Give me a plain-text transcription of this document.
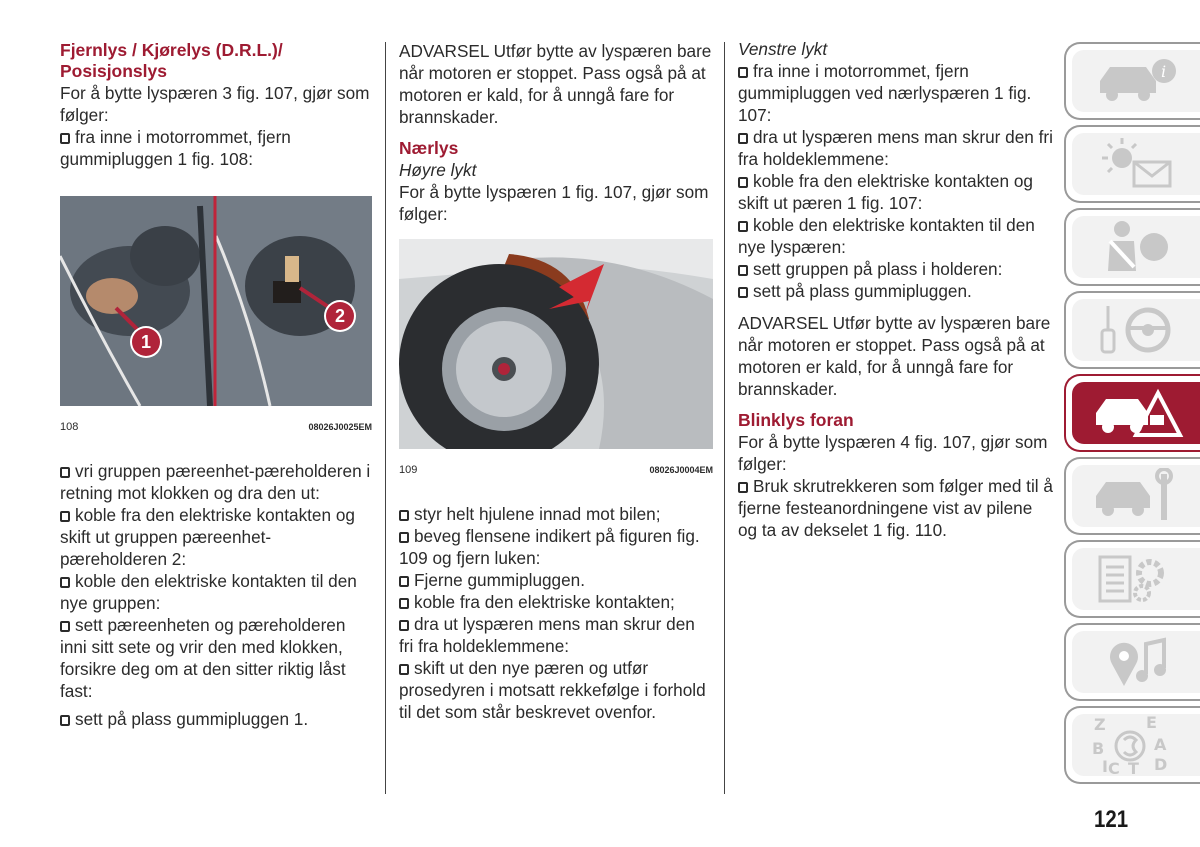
Fjernlys / Kjørelys (D.R.L.)/ Posisjonslys

For å bytte lyspæren 3 fig. 107, gjør som følger:

fra inne i motorrommet, fjern gummipluggen 1 fig. 108:

1
2
108	08026J0025EM

vri gruppen pæreenhet-pæreholderen i retning mot klokken og dra den ut:

koble fra den elektriske kontakten og skift ut gruppen pæreenhet-pæreholderen 2:

koble den elektriske kontakten til den nye gruppen:

sett pæreenheten og pæreholderen inni sitt sete og vrir den med klokken, forsikre deg om at den sitter riktig låst fast:

sett på plass gummipluggen 1.

ADVARSEL Utfør bytte av lyspæren bare når motoren er stoppet. Pass også på at motoren er kald, for å unngå fare for brannskader.

Nærlys

Høyre lykt

For å bytte lyspæren 1 fig. 107, gjør som følger:

109	08026J0004EM

styr helt hjulene innad mot bilen;

beveg flensene indikert på figuren fig. 109 og fjern luken:

Fjerne gummipluggen.

koble fra den elektriske kontakten;

dra ut lyspæren mens man skrur den fri fra holdeklemmene:

skift ut den nye pæren og utfør prosedyren i motsatt rekkefølge i forhold til det som står beskrevet ovenfor.

Venstre lykt

fra inne i motorrommet, fjern gummipluggen ved nærlyspæren 1 fig. 107:

dra ut lyspæren mens man skrur den fri fra holdeklemmene:

koble fra den elektriske kontakten og skift ut pæren 1 fig. 107:

koble den elektriske kontakten til den nye lyspæren:

sett gruppen på plass i holderen:

sett på plass gummipluggen.

ADVARSEL Utfør bytte av lyspæren bare når motoren er stoppet. Pass også på at motoren er kald, for å unngå fare for brannskader.

Blinklys foran

For å bytte lyspæren 4 fig. 107, gjør som følger:

Bruk skrutrekkeren som følger med til å fjerne festeanordningene vist av pilene og ta av dekselet 1 fig. 110.

i
Z	E
B	A
C T D
I
121
